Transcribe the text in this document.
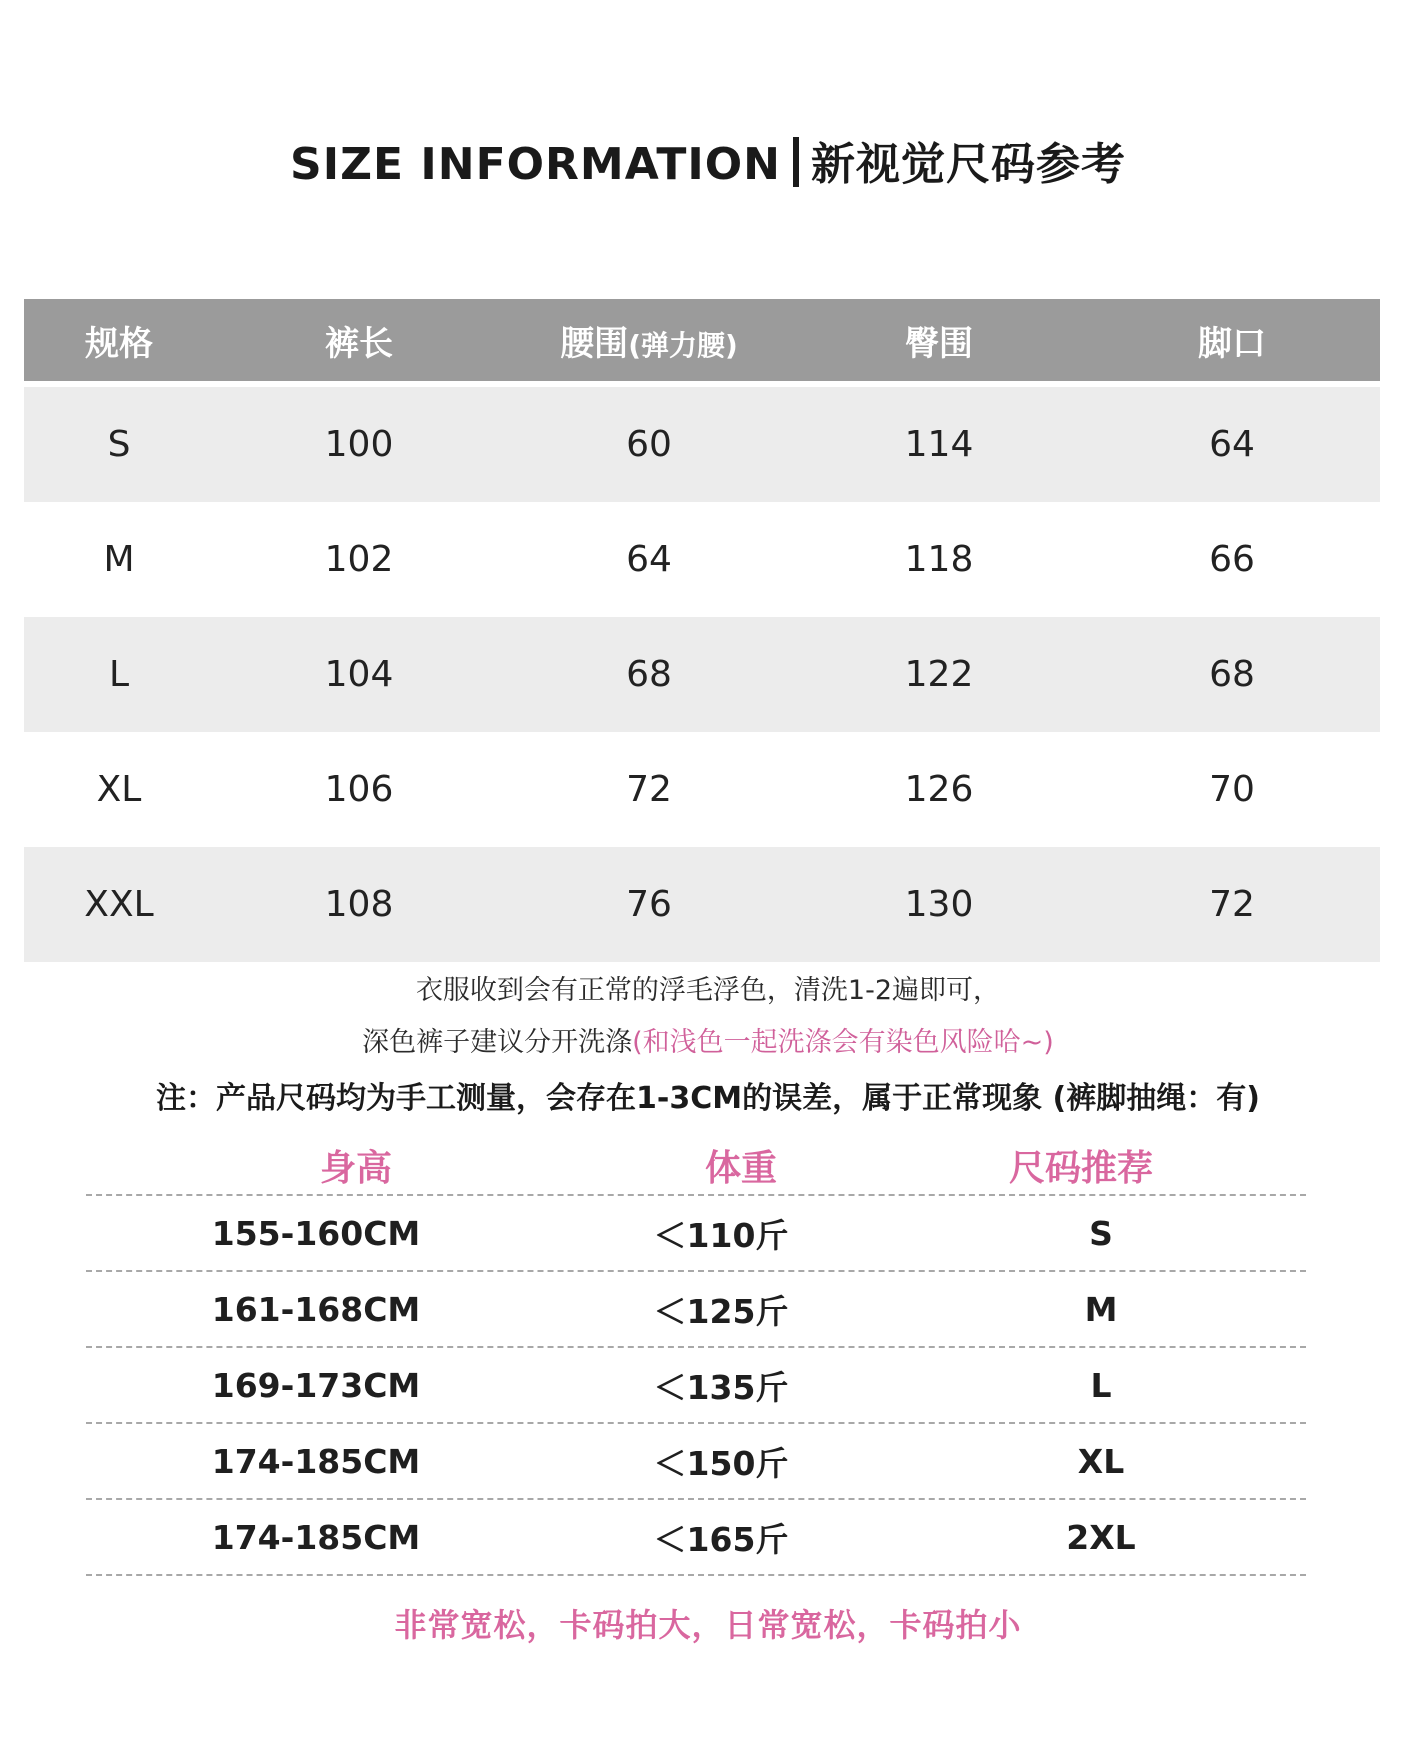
SIZE INFORMATION 新视觉尺码参考
规格	裤长	腰围(弹力腰)	臀围	脚口
S	100	60	114	64
M	102	64	118	66
L	104	68	122	68
XL	106	72	126	70
XXL	108	76	130	72
衣服收到会有正常的浮毛浮色，清洗1-2遍即可，
深色裤子建议分开洗涤(和浅色一起洗涤会有染色风险哈~)
注：产品尺码均为手工测量，会存在1-3CM的误差，属于正常现象 (裤脚抽绳：有)
身高	体重	尺码推荐
155-160CM	＜110斤	S
161-168CM	＜125斤	M
169-173CM	＜135斤	L
174-185CM	＜150斤	XL
174-185CM	＜165斤	2XL
非常宽松，卡码拍大，日常宽松，卡码拍小
